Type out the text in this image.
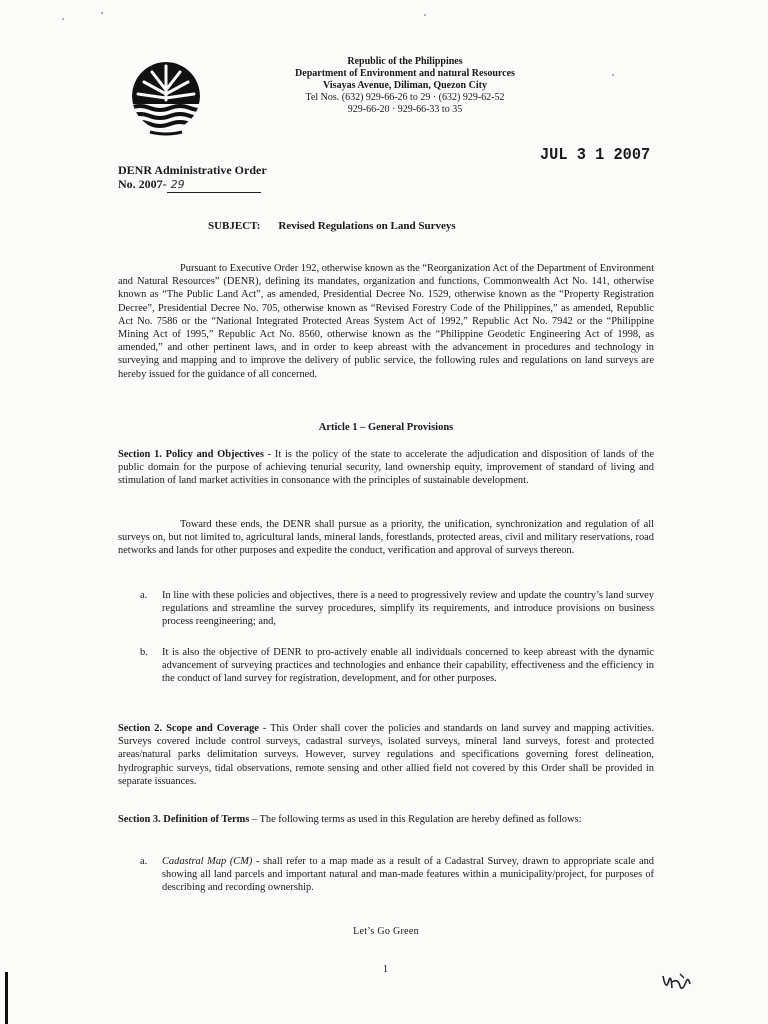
Republic of the Philippines
Department of Environment and natural Resources
Visayas Avenue, Diliman, Quezon City
Tel Nos. (632) 929-66-26 to 29 · (632) 929-62-52
929-66-20 · 929-66-33 to 35
JUL 3 1 2007
DENR Administrative Order
No. 2007- 29
SUBJECT: Revised Regulations on Land Surveys
Pursuant to Executive Order 192, otherwise known as the “Reorganization Act of the Department of Environment and Natural Resources” (DENR), defining its mandates, organization and functions, Commonwealth Act No. 141, otherwise known as “The Public Land Act”, as amended, Presidential Decree No. 1529, otherwise known as the “Property Registration Decree”, Presidential Decree No. 705, otherwise known as “Revised Forestry Code of the Philippines,” as amended, Republic Act No. 7586 or the “National Integrated Protected Areas System Act of 1992,” Republic Act No. 7942 or the “Philippine Mining Act of 1995,” Republic Act No. 8560, otherwise known as the “Philippine Geodetic Engineering Act of 1998, as amended,” and other pertinent laws, and in order to keep abreast with the advancement in procedures and technology in surveying and mapping and to improve the delivery of public service, the following rules and regulations on land surveys are hereby issued for the guidance of all concerned.
Article 1 – General Provisions
Section 1. Policy and Objectives - It is the policy of the state to accelerate the adjudication and disposition of lands of the public domain for the purpose of achieving tenurial security, land ownership equity, improvement of standard of living and stimulation of land market activities in consonance with the principles of sustainable development.
Toward these ends, the DENR shall pursue as a priority, the unification, synchronization and regulation of all surveys on, but not limited to, agricultural lands, mineral lands, forestlands, protected areas, civil and military reservations, road networks and lands for other purposes and expedite the conduct, verification and approval of surveys thereon.
a. In line with these policies and objectives, there is a need to progressively review and update the country’s land survey regulations and streamline the survey procedures, simplify its requirements, and introduce provisions on business process reengineering; and,
b. It is also the objective of DENR to pro-actively enable all individuals concerned to keep abreast with the dynamic advancement of surveying practices and technologies and enhance their capability, effectiveness and the efficiency in the conduct of land survey for registration, development, and for other purposes.
Section 2. Scope and Coverage - This Order shall cover the policies and standards on land survey and mapping activities. Surveys covered include control surveys, cadastral surveys, isolated surveys, mineral land surveys, forest and protected areas/natural parks delimitation surveys. However, survey regulations and specifications governing forest delineation, hydrographic surveys, tidal observations, remote sensing and other allied field not covered by this Order shall be provided in separate issuances.
Section 3. Definition of Terms – The following terms as used in this Regulation are hereby defined as follows:
a. Cadastral Map (CM) - shall refer to a map made as a result of a Cadastral Survey, drawn to appropriate scale and showing all land parcels and important natural and man-made features within a municipality/project, for purposes of describing and recording ownership.
Let’s Go Green
1
